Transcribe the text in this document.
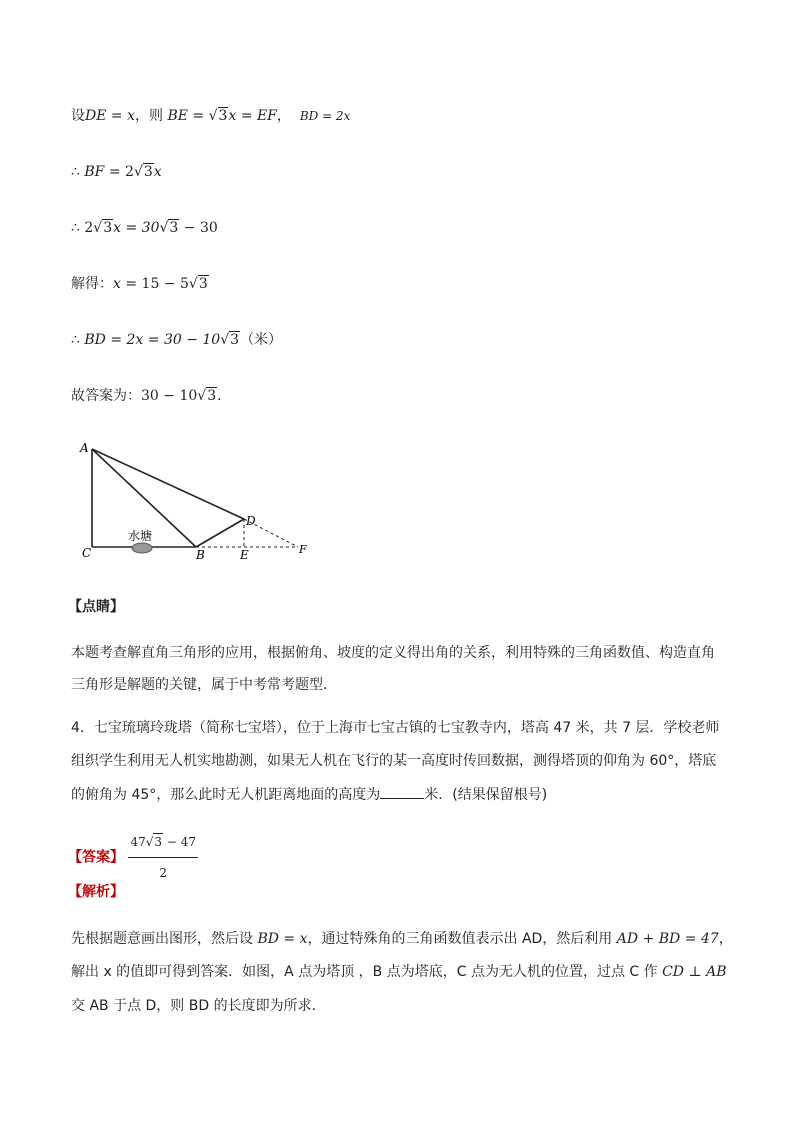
设DE = x，则 BE = √3x = EF， BD = 2x
∴ BF = 2√3x
∴ 2√3x = 30√3 − 30
解得：x = 15 − 5√3
∴ BD = 2x = 30 − 10√3（米）
故答案为：30 − 10√3．
水塘
A
C	B
D
E	F
【点睛】
本题考查解直角三角形的应用，根据俯角、坡度的定义得出角的关系，利用特殊的三角函数值、构造直角
三角形是解题的关键，属于中考常考题型．
4．七宝琉璃玲珑塔（简称七宝塔），位于上海市七宝古镇的七宝教寺内，塔高 47 米，共 7 层．学校老师
组织学生利用无人机实地勘测，如果无人机在飞行的某一高度时传回数据，测得塔顶的仰角为 60°，塔底
的俯角为 45°，那么此时无人机距离地面的高度为	米．(结果保留根号)
【答案】 $\frac{47√3 - 47}{2}$
【解析】
先根据题意画出图形，然后设 BD = x，通过特殊角的三角函数值表示出 AD，然后利用 AD + BD = 47，
解出 x 的值即可得到答案．如图，A 点为塔顶 ，B 点为塔底，C 点为无人机的位置，过点 C 作 CD ⊥ AB
交 AB 于点 D，则 BD 的长度即为所求．
